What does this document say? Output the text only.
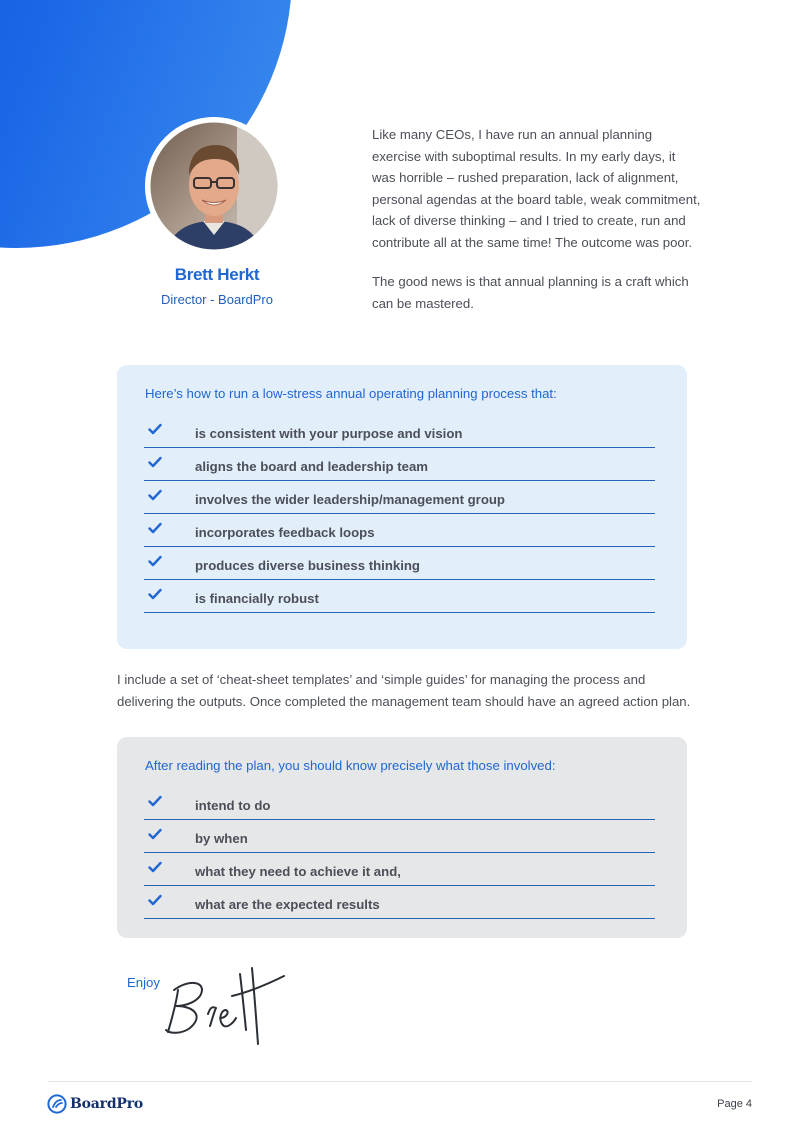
Brett Herkt
Director - BoardPro

Like many CEOs, I have run an annual planning exercise with suboptimal results. In my early days, it was horrible – rushed preparation, lack of alignment, personal agendas at the board table, weak commitment, lack of diverse thinking – and I tried to create, run and contribute all at the same time! The outcome was poor.

The good news is that annual planning is a craft which can be mastered.

Here’s how to run a low-stress annual operating planning process that:
is consistent with your purpose and vision
aligns the board and leadership team
involves the wider leadership/management group
incorporates feedback loops
produces diverse business thinking
is financially robust
I include a set of ‘cheat-sheet templates’ and ‘simple guides’ for managing the process and delivering the outputs. Once completed the management team should have an agreed action plan.
After reading the plan, you should know precisely what those involved:
intend to do
by when
what they need to achieve it and,
what are the expected results
Enjoy
BoardPro	Page 4
